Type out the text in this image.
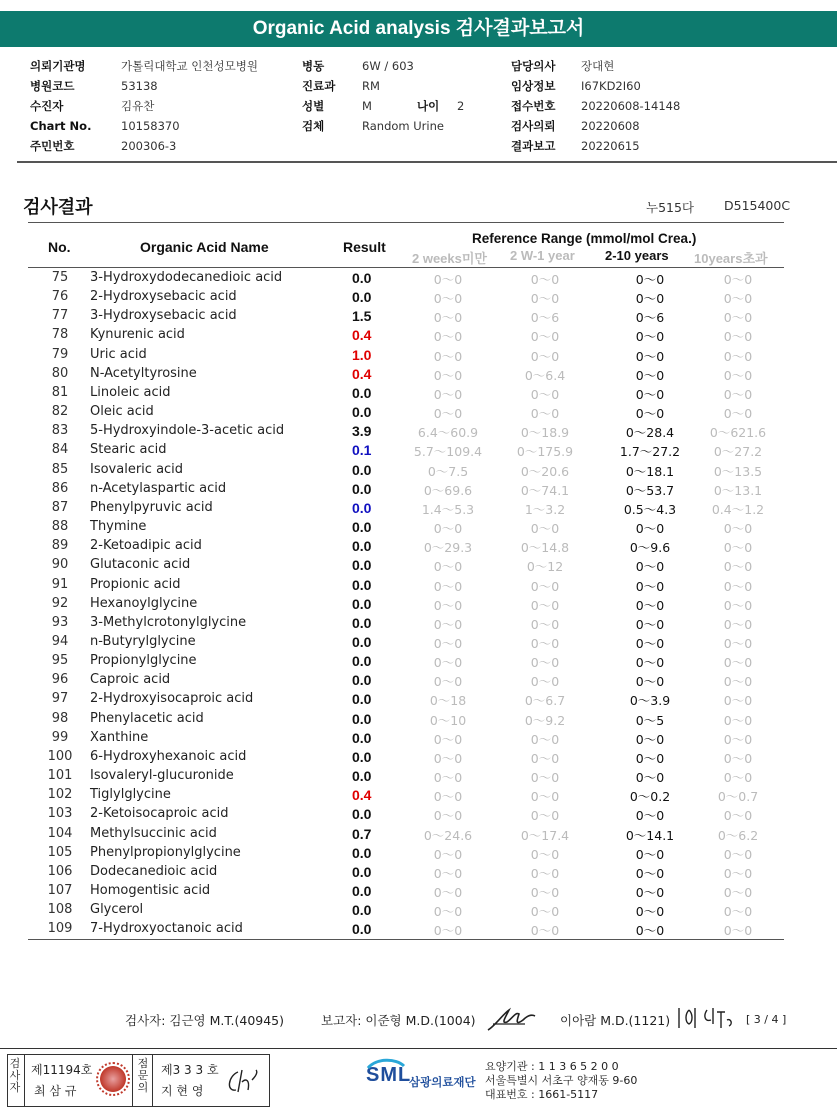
Organic Acid analysis 검사결과보고서
의뢰기관명	가톨릭대학교 인천성모병원
병원코드	53138
수진자	김유찬
Chart No.	10158370
주민번호	200306-3
병동	6W / 603
진료과 RM
성별	M
검체	Random Urine
나이 2
담당의사 장대현
임상정보 I67KD2I60
접수번호 20220608-14148
검사의뢰 20220608
결과보고 20220615
검사결과	누515다 D515400C
No.	Organic Acid Name	Result
Reference Range (mmol/mol Crea.)
2 weeks미만 2 W-1 year 2-10 years 10years초과
75	3-Hydroxydodecanedioic acid	0.0	0～0	0～0	0～0	0～0
76	2-Hydroxysebacic acid	0.0	0～0	0～0	0～0	0～0
77	3-Hydroxysebacic acid	1.5	0～0	0～6	0～6	0～0
78	Kynurenic acid	0.4	0～0	0～0	0～0	0～0
79	Uric acid	1.0	0～0	0～0	0～0	0～0
80	N-Acetyltyrosine	0.4	0～0	0～6.4	0～0	0～0
81	Linoleic acid	0.0	0～0	0～0	0～0	0～0
82	Oleic acid	0.0	0～0	0～0	0～0	0～0
83	5-Hydroxyindole-3-acetic acid	3.9	6.4～60.9	0～18.9	0～28.4	0～621.6
84	Stearic acid	0.1	5.7～109.4	0～175.9	1.7～27.2	0～27.2
85	Isovaleric acid	0.0	0～7.5	0～20.6	0～18.1	0～13.5
86	n-Acetylaspartic acid	0.0	0～69.6	0～74.1	0～53.7	0～13.1
87	Phenylpyruvic acid	0.0	1.4～5.3	1～3.2	0.5～4.3	0.4～1.2
88	Thymine	0.0	0～0	0～0	0～0	0～0
89	2-Ketoadipic acid	0.0	0～29.3	0～14.8	0～9.6	0～0
90	Glutaconic acid	0.0	0～0	0～12	0～0	0～0
91	Propionic acid	0.0	0～0	0～0	0～0	0～0
92	Hexanoylglycine	0.0	0～0	0～0	0～0	0～0
93	3-Methylcrotonylglycine	0.0	0～0	0～0	0～0	0～0
94	n-Butyrylglycine	0.0	0～0	0～0	0～0	0～0
95	Propionylglycine	0.0	0～0	0～0	0～0	0～0
96	Caproic acid	0.0	0～0	0～0	0～0	0～0
97	2-Hydroxyisocaproic acid	0.0	0～18	0～6.7	0～3.9	0～0
98	Phenylacetic acid	0.0	0～10	0～9.2	0～5	0～0
99	Xanthine	0.0	0～0	0～0	0～0	0～0
100	6-Hydroxyhexanoic acid	0.0	0～0	0～0	0～0	0～0
101	Isovaleryl-glucuronide	0.0	0～0	0～0	0～0	0～0
102	Tiglylglycine	0.4	0～0	0～0	0～0.2	0～0.7
103	2-Ketoisocaproic acid	0.0	0～0	0～0	0～0	0～0
104	Methylsuccinic acid	0.7	0～24.6	0～17.4	0～14.1	0～6.2
105	Phenylpropionylglycine	0.0	0～0	0～0	0～0	0～0
106	Dodecanedioic acid	0.0	0～0	0～0	0～0	0～0
107	Homogentisic acid	0.0	0～0	0～0	0～0	0～0
108	Glycerol	0.0	0～0	0～0	0～0	0～0
109	7-Hydroxyoctanoic acid	0.0	0～0	0～0	0～0	0～0
검사자: 김근영 M.T.(40945)	보고자: 이준형 M.D.(1004)	이아람 M.D.(1121)	[ 3 / 4 ]
검
사
자
제11194호
최 삼 규
점
문
의
제3 3 3 호
지 현 영
SML
삼광의료재단
요양기관 : 1 1 3 6 5 2 0 0
서울특별시 서초구 양재동 9-60
대표번호 : 1661-5117
